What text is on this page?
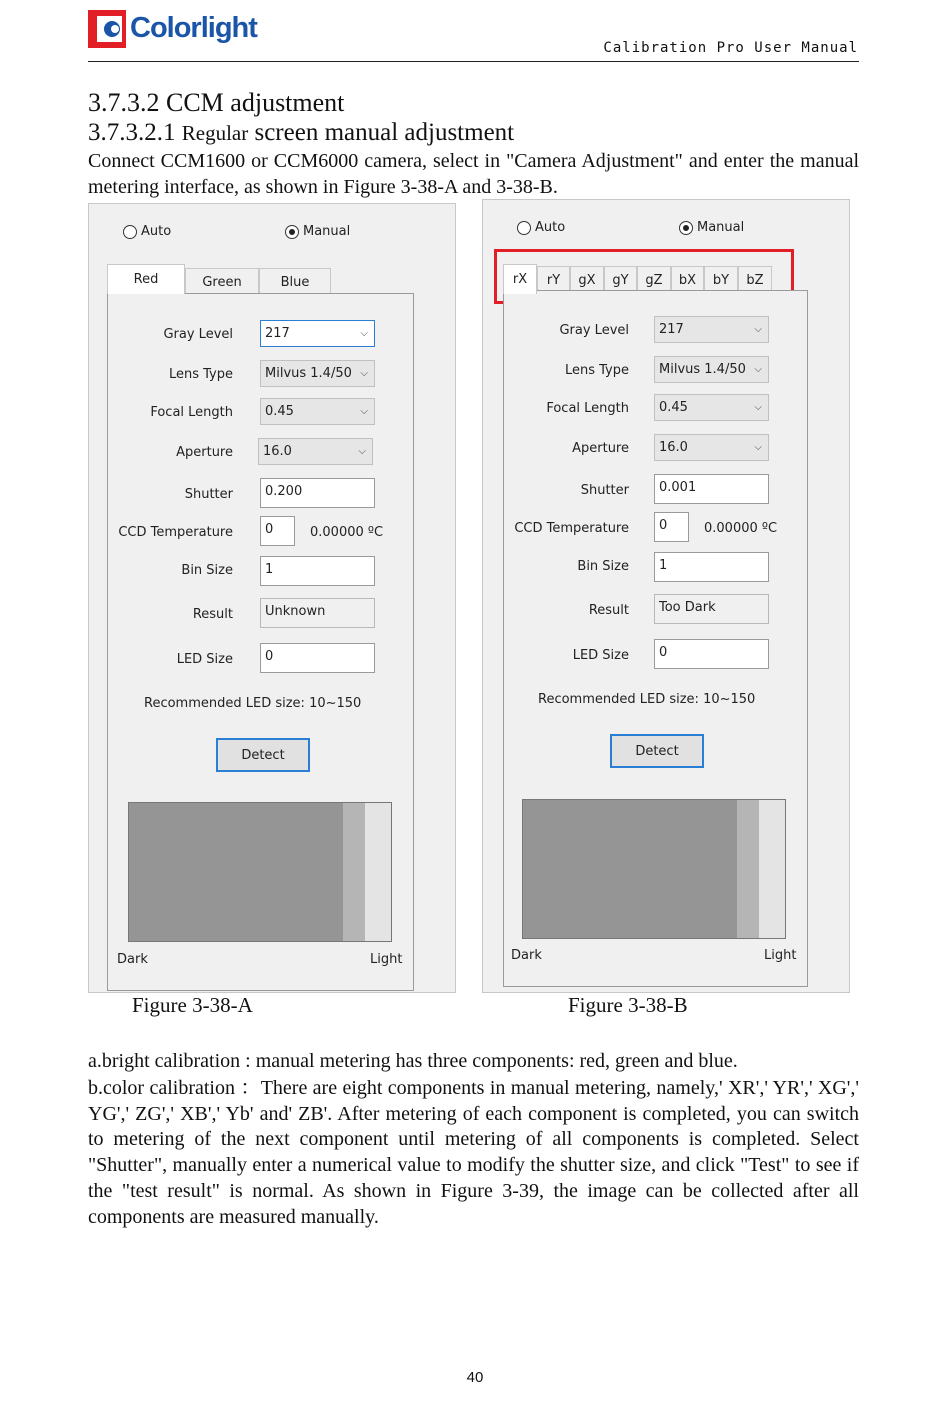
Colorlight
Calibration Pro User Manual
3.7.3.2 CCM adjustment
3.7.3.2.1 Regular screen manual adjustment
Connect CCM1600 or CCM6000 camera, select in "Camera Adjustment" and enter the manual metering interface, as shown in Figure 3-38-A and 3-38-B.
Auto	Manual
Red	Green	Blue
Gray Level	217	⌵
Lens Type	Milvus 1.4/50 ⌵
Focal Length	0.45	⌵
Aperture	16.0	⌵
Shutter	0.200
CCD Temperature	0	0.00000 ºC
Bin Size	1
Result	Unknown
LED Size	0
Recommended LED size: 10~150
Detect
Dark	Light
Auto	Manual
rX rY gX gY gZ bX bY bZ
Gray Level	217	⌵
Lens Type	Milvus 1.4/50 ⌵
Focal Length	0.45	⌵
Aperture	16.0	⌵
Shutter	0.001
CCD Temperature	0	0.00000 ºC
Bin Size	1
Result	Too Dark
LED Size	0
Recommended LED size: 10~150
Detect
Dark	Light
Figure 3-38-A	Figure 3-38-B
a.bright calibration : manual metering has three components: red, green and blue.
b.color calibration ：There are eight components in manual metering, namely,' XR',' YR',' XG',' YG',' ZG',' XB',' Yb' and' ZB'. After metering of each component is completed, you can switch to metering of the next component until metering of all components is completed. Select "Shutter", manually enter a numerical value to modify the shutter size, and click "Test" to see if the "test result" is normal. As shown in Figure 3-39, the image can be collected after all components are measured manually.
40
